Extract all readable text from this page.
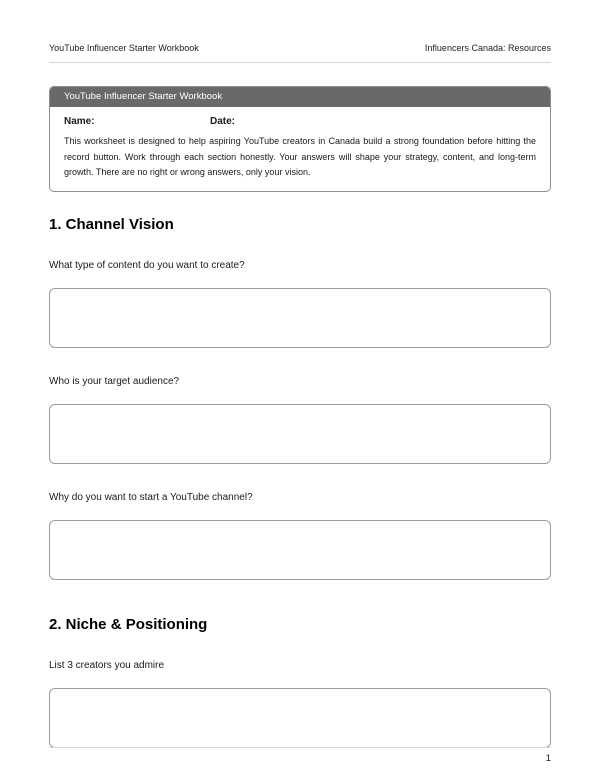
YouTube Influencer Starter Workbook	Influencers Canada: Resources
YouTube Influencer Starter Workbook
Name:	Date:
This worksheet is designed to help aspiring YouTube creators in Canada build a strong foundation before hitting the record button. Work through each section honestly. Your answers will shape your strategy, content, and long-term growth. There are no right or wrong answers, only your vision.
1. Channel Vision
What type of content do you want to create?
Who is your target audience?
Why do you want to start a YouTube channel?
2. Niche & Positioning
List 3 creators you admire
1
